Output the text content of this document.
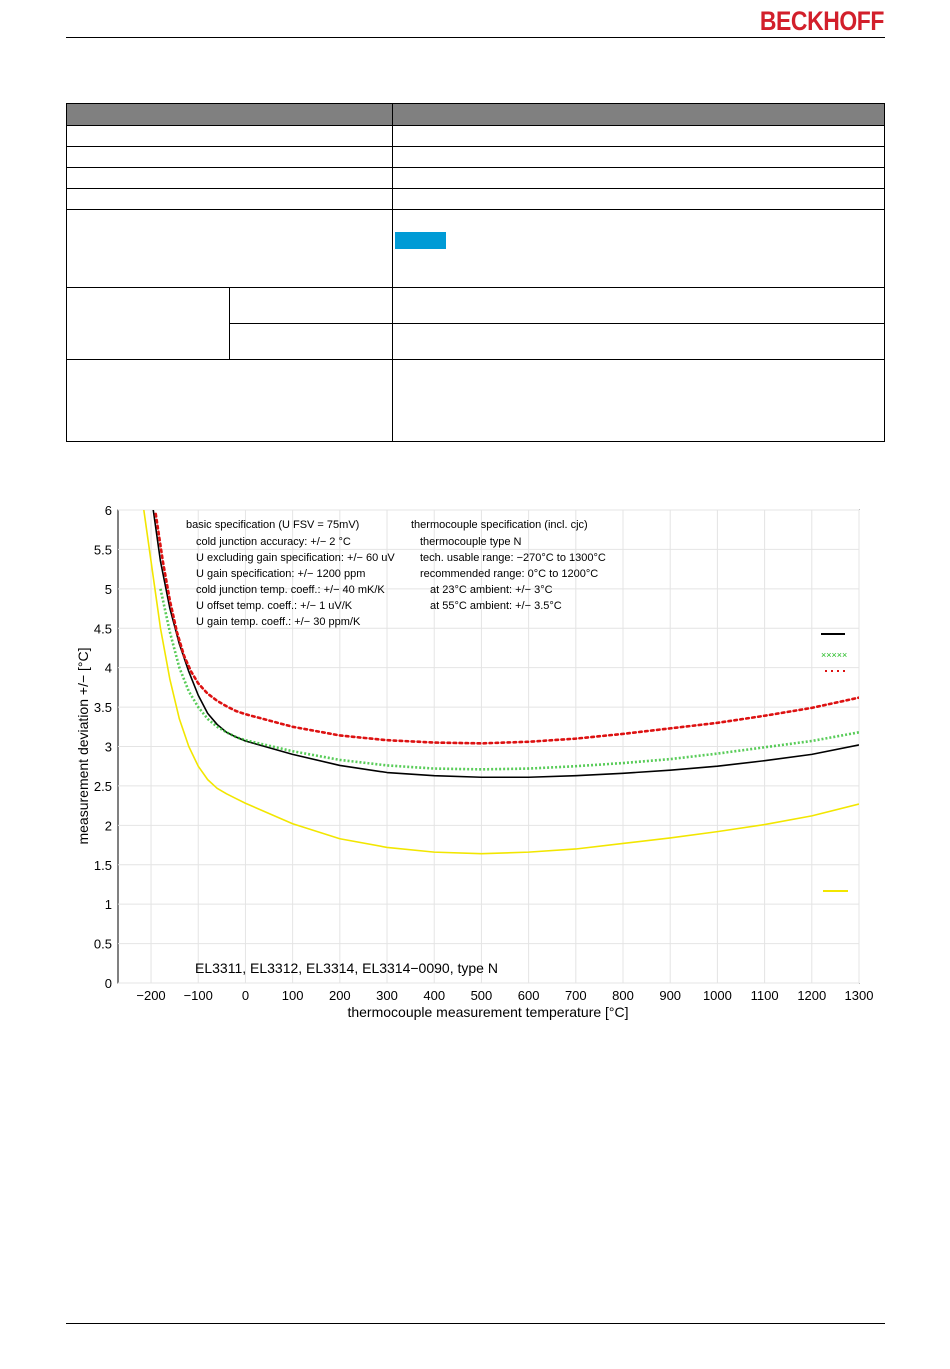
BECKHOFF

−200 −100 0	100 200 300 400 500 600 700 800 900 1000 1100 1200 1300
0
0.5
1
1.5
2
2.5
3
3.5
4
4.5
5
5.5
6
basic specification (U FSV = 75mV)
cold junction accuracy: +/− 2 °C
U excluding gain specification: +/− 60 uV
U gain specification: +/− 1200 ppm
cold junction temp. coeff.: +/− 40 mK/K
U offset temp. coeff.: +/− 1 uV/K
U gain temp. coeff.: +/− 30 ppm/K
thermocouple specification (incl. cjc)
thermocouple type N
tech. usable range: −270°C to 1300°C
recommended range: 0°C to 1200°C
at 23°C ambient: +/− 3°C
at 55°C ambient: +/− 3.5°C
×××××
EL3311, EL3312, EL3314, EL3314−0090, type N
thermocouple measurement temperature [°C]
measurement deviation +/− [°C]
